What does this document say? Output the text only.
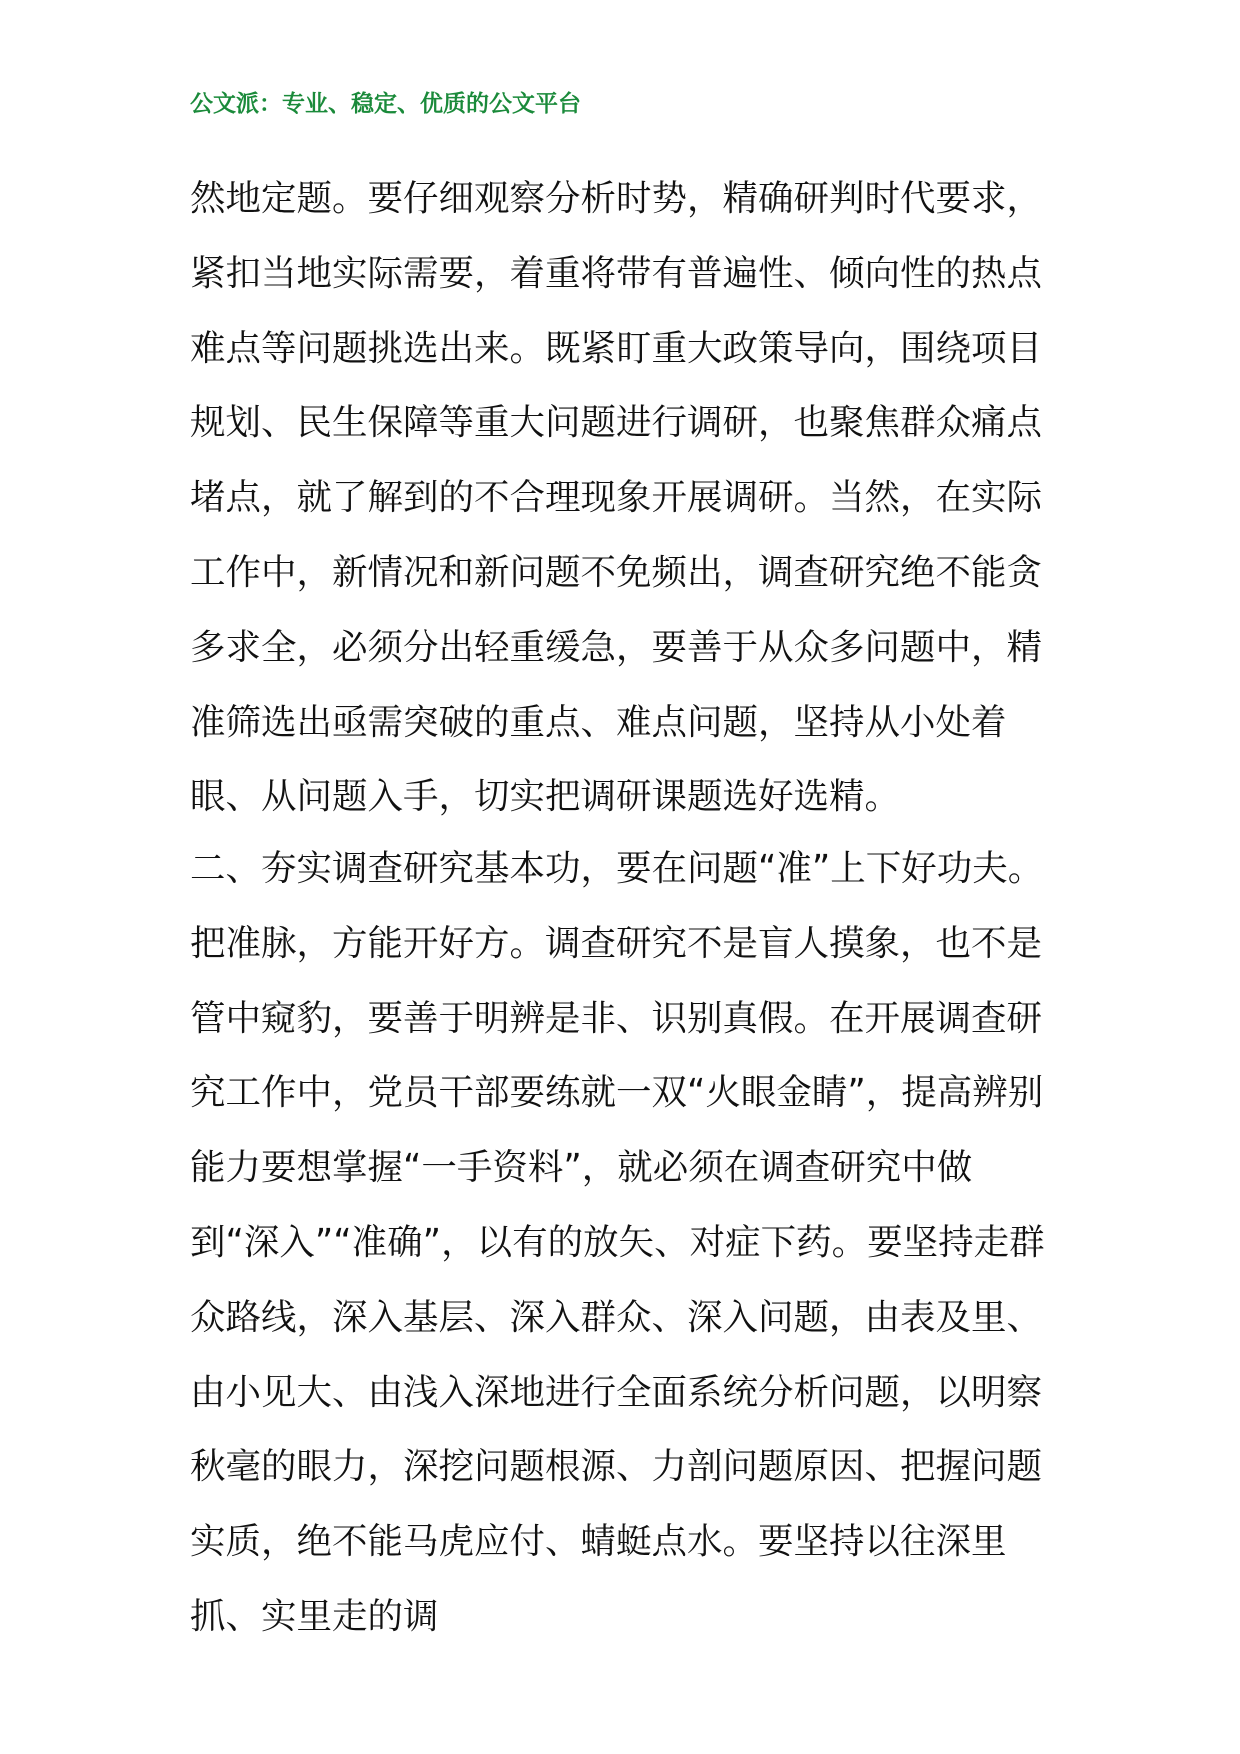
公文派：专业、稳定、优质的公文平台

然地定题。要仔细观察分析时势，精确研判时代要求，紧扣当地实际需要，着重将带有普遍性、倾向性的热点难点等问题挑选出来。既紧盯重大政策导向，围绕项目规划、民生保障等重大问题进行调研，也聚焦群众痛点堵点，就了解到的不合理现象开展调研。当然，在实际工作中，新情况和新问题不免频出，调查研究绝不能贪多求全，必须分出轻重缓急，要善于从众多问题中，精准筛选出亟需突破的重点、难点问题，坚持从小处着眼、从问题入手，切实把调研课题选好选精。

二、夯实调查研究基本功，要在问题“准”上下好功夫。把准脉，方能开好方。调查研究不是盲人摸象，也不是管中窥豹，要善于明辨是非、识别真假。在开展调查研究工作中，党员干部要练就一双“火眼金睛”，提高辨别能力要想掌握“一手资料”，就必须在调查研究中做到“深入”“准确”，以有的放矢、对症下药。要坚持走群众路线，深入基层、深入群众、深入问题，由表及里、由小见大、由浅入深地进行全面系统分析问题，以明察秋毫的眼力，深挖问题根源、力剖问题原因、把握问题实质，绝不能马虎应付、蜻蜓点水。要坚持以往深里抓、实里走的调
